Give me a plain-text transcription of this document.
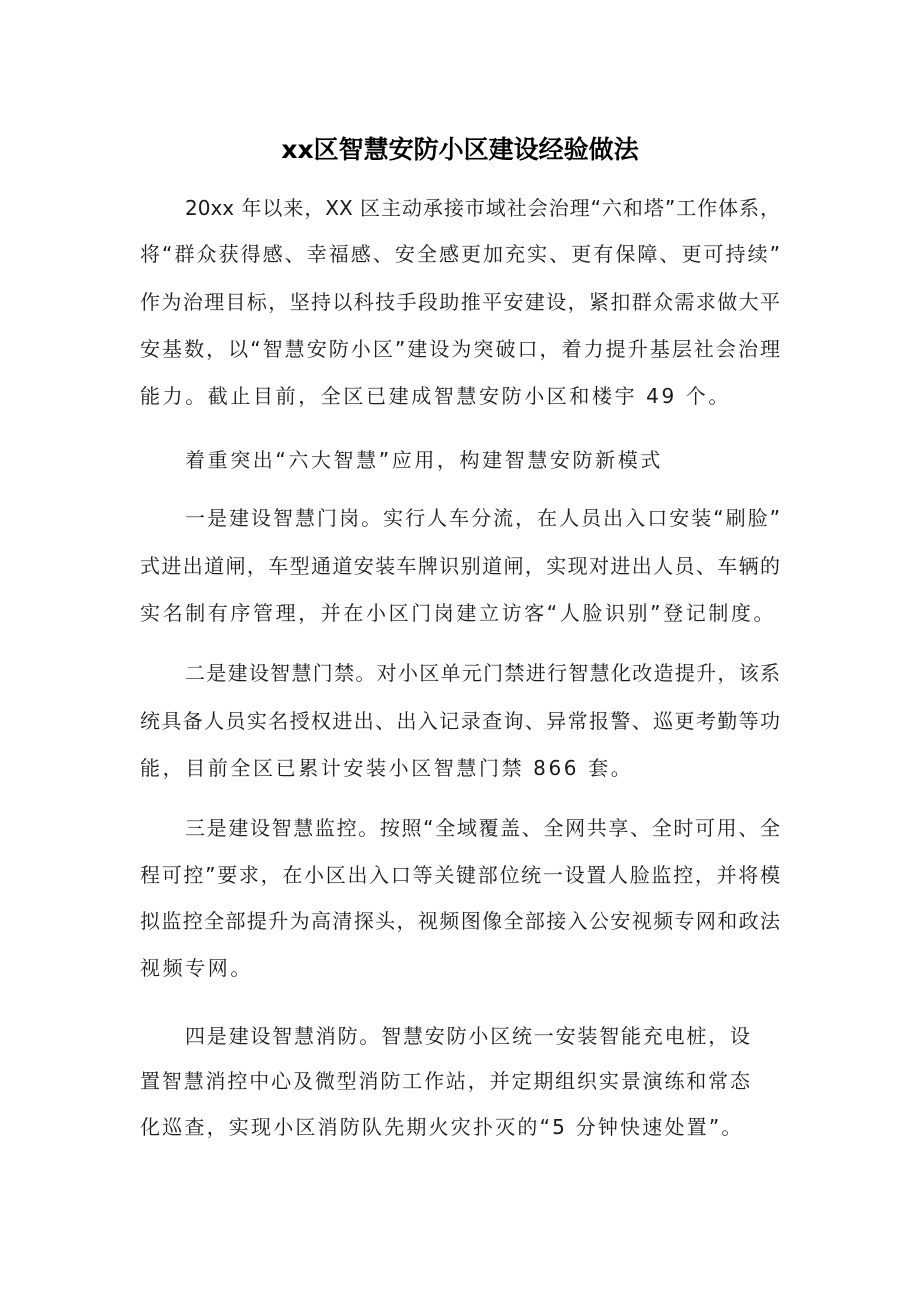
xx区智慧安防小区建设经验做法
20xx 年以来，XX 区主动承接市域社会治理“六和塔”工作体系，
将“群众获得感、幸福感、安全感更加充实、更有保障、更可持续”
作为治理目标，坚持以科技手段助推平安建设，紧扣群众需求做大平
安基数，以“智慧安防小区”建设为突破口，着力提升基层社会治理
能力。截止目前，全区已建成智慧安防小区和楼宇 49 个。
着重突出“六大智慧”应用，构建智慧安防新模式
一是建设智慧门岗。实行人车分流，在人员出入口安装“刷脸”
式进出道闸，车型通道安装车牌识别道闸，实现对进出人员、车辆的
实名制有序管理，并在小区门岗建立访客“人脸识别”登记制度。
二是建设智慧门禁。对小区单元门禁进行智慧化改造提升，该系
统具备人员实名授权进出、出入记录查询、异常报警、巡更考勤等功
能，目前全区已累计安装小区智慧门禁 866 套。
三是建设智慧监控。按照“全域覆盖、全网共享、全时可用、全
程可控”要求，在小区出入口等关键部位统一设置人脸监控，并将模
拟监控全部提升为高清探头，视频图像全部接入公安视频专网和政法
视频专网。
四是建设智慧消防。智慧安防小区统一安装智能充电桩，设
置智慧消控中心及微型消防工作站，并定期组织实景演练和常态
化巡查，实现小区消防队先期火灾扑灭的“5 分钟快速处置”。
